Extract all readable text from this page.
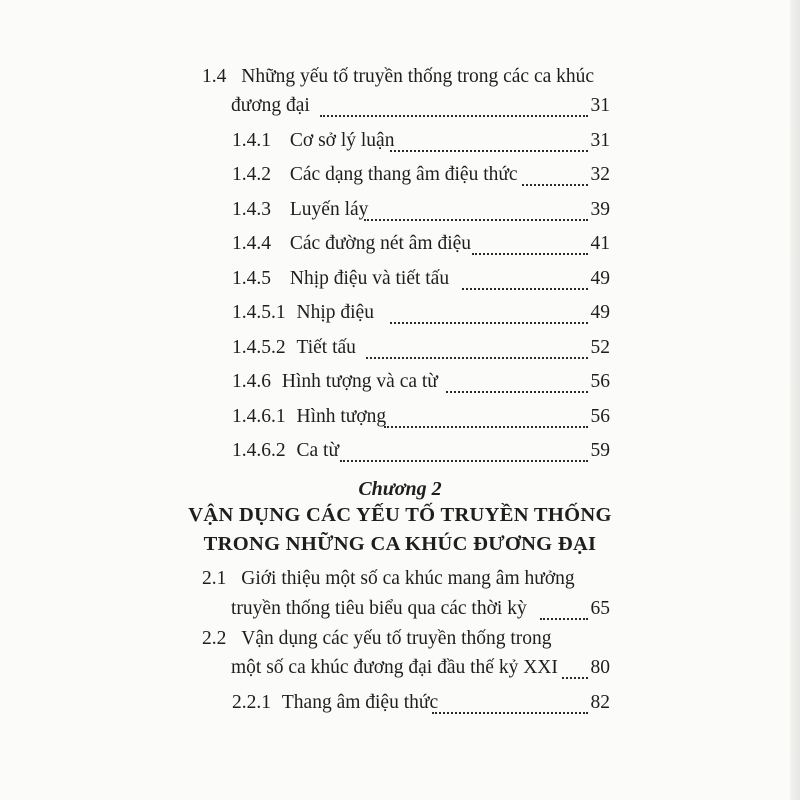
1.4 Những yếu tố truyền thống trong các ca khúc
đương đại	31
1.4.1 Cơ sở lý luận	31
1.4.2 Các dạng thang âm điệu thức	32
1.4.3 Luyến láy	39
1.4.4 Các đường nét âm điệu	41
1.4.5 Nhịp điệu và tiết tấu	49
1.4.5.1 Nhịp điệu	49
1.4.5.2 Tiết tấu	52
1.4.6 Hình tượng và ca từ	56
1.4.6.1 Hình tượng	56
1.4.6.2 Ca từ	59
Chương 2
VẬN DỤNG CÁC YẾU TỐ TRUYỀN THỐNG
TRONG NHỮNG CA KHÚC ĐƯƠNG ĐẠI
2.1 Giới thiệu một số ca khúc mang âm hưởng
truyền thống tiêu biểu qua các thời kỳ	65
2.2 Vận dụng các yếu tố truyền thống trong
một số ca khúc đương đại đầu thế kỷ XXI	80
2.2.1 Thang âm điệu thức	82
